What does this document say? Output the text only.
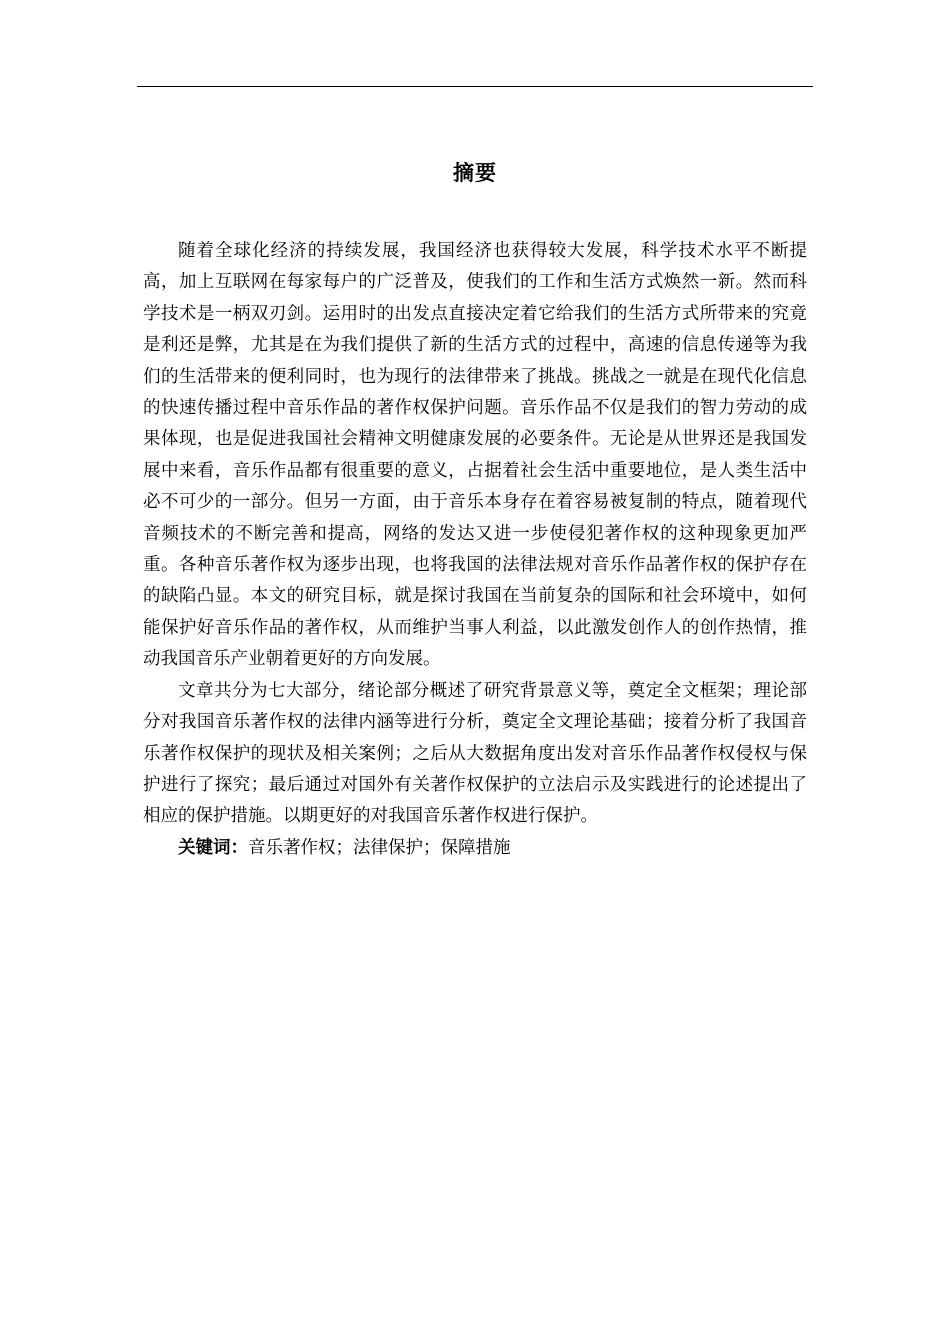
摘要

随着全球化经济的持续发展，我国经济也获得较大发展，科学技术水平不断提高，加上互联网在每家每户的广泛普及，使我们的工作和生活方式焕然一新。然而科学技术是一柄双刃剑。运用时的出发点直接决定着它给我们的生活方式所带来的究竟是利还是弊，尤其是在为我们提供了新的生活方式的过程中，高速的信息传递等为我们的生活带来的便利同时，也为现行的法律带来了挑战。挑战之一就是在现代化信息的快速传播过程中音乐作品的著作权保护问题。音乐作品不仅是我们的智力劳动的成果体现，也是促进我国社会精神文明健康发展的必要条件。无论是从世界还是我国发展中来看，音乐作品都有很重要的意义，占据着社会生活中重要地位，是人类生活中必不可少的一部分。但另一方面，由于音乐本身存在着容易被复制的特点，随着现代音频技术的不断完善和提高，网络的发达又进一步使侵犯著作权的这种现象更加严重。各种音乐著作权为逐步出现，也将我国的法律法规对音乐作品著作权的保护存在的缺陷凸显。本文的研究目标，就是探讨我国在当前复杂的国际和社会环境中，如何能保护好音乐作品的著作权，从而维护当事人利益，以此激发创作人的创作热情，推动我国音乐产业朝着更好的方向发展。

文章共分为七大部分，绪论部分概述了研究背景意义等，奠定全文框架；理论部分对我国音乐著作权的法律内涵等进行分析，奠定全文理论基础；接着分析了我国音乐著作权保护的现状及相关案例；之后从大数据角度出发对音乐作品著作权侵权与保护进行了探究；最后通过对国外有关著作权保护的立法启示及实践进行的论述提出了相应的保护措施。以期更好的对我国音乐著作权进行保护。

关键词：音乐著作权；法律保护；保障措施
